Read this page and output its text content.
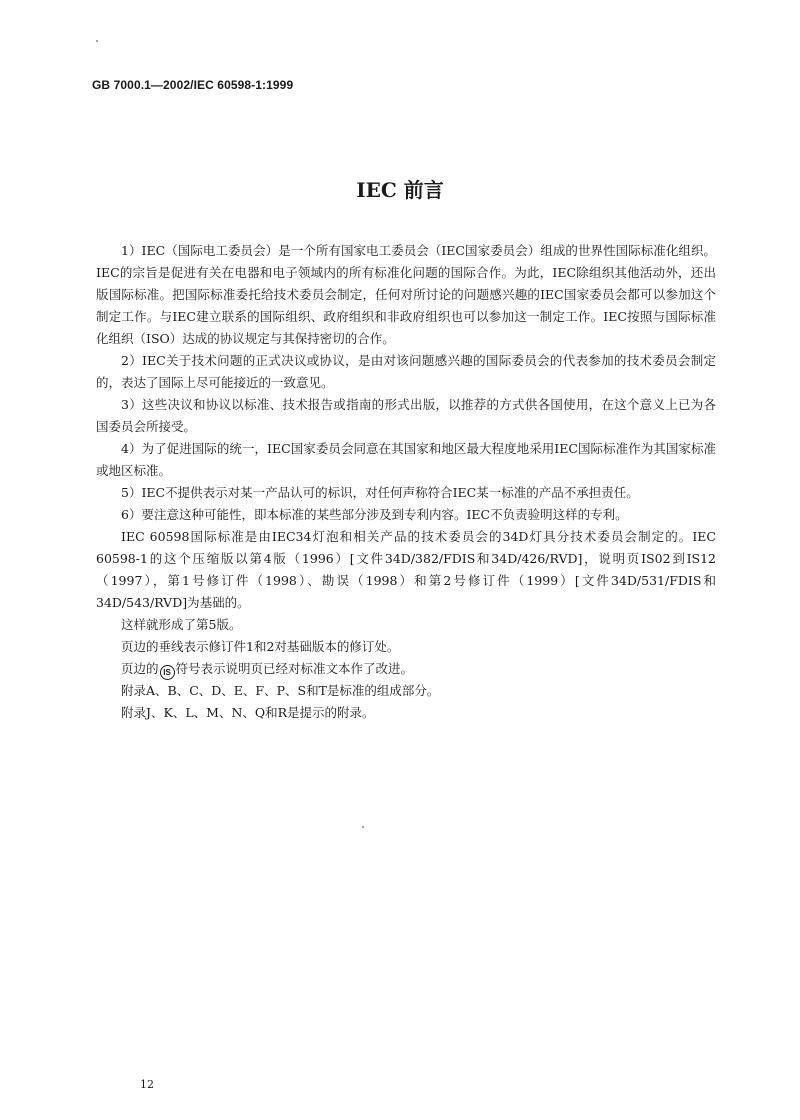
GB 7000.1—2002/IEC 60598-1:1999
IEC 前言

1）IEC（国际电工委员会）是一个所有国家电工委员会（IEC国家委员会）组成的世界性国际标准化组织。IEC的宗旨是促进有关在电器和电子领域内的所有标准化问题的国际合作。为此，IEC除组织其他活动外，还出版国际标准。把国际标准委托给技术委员会制定，任何对所讨论的问题感兴趣的IEC国家委员会都可以参加这个制定工作。与IEC建立联系的国际组织、政府组织和非政府组织也可以参加这一制定工作。IEC按照与国际标准化组织（ISO）达成的协议规定与其保持密切的合作。

2）IEC关于技术问题的正式决议或协议，是由对该问题感兴趣的国际委员会的代表参加的技术委员会制定的，表达了国际上尽可能接近的一致意见。

3）这些决议和协议以标准、技术报告或指南的形式出版，以推荐的方式供各国使用，在这个意义上已为各国委员会所接受。

4）为了促进国际的统一，IEC国家委员会同意在其国家和地区最大程度地采用IEC国际标准作为其国家标准或地区标准。

5）IEC不提供表示对某一产品认可的标识，对任何声称符合IEC某一标准的产品不承担责任。

6）要注意这种可能性，即本标准的某些部分涉及到专利内容。IEC不负责验明这样的专利。

IEC 60598国际标准是由IEC34灯泡和相关产品的技术委员会的34D灯具分技术委员会制定的。IEC 60598-1的这个压缩版以第4版（1996）[文件34D/382/FDIS和34D/426/RVD]，说明页IS02到IS12（1997），第1号修订件（1998）、勘误（1998）和第2号修订件（1999）[文件34D/531/FDIS和34D/543/RVD]为基础的。

这样就形成了第5版。

页边的垂线表示修订件1和2对基础版本的修订处。

页边的 IS 符号表示说明页已经对标准文本作了改进。

附录A、B、C、D、E、F、P、S和T是标准的组成部分。

附录J、K、L、M、N、Q和R是提示的附录。

12
